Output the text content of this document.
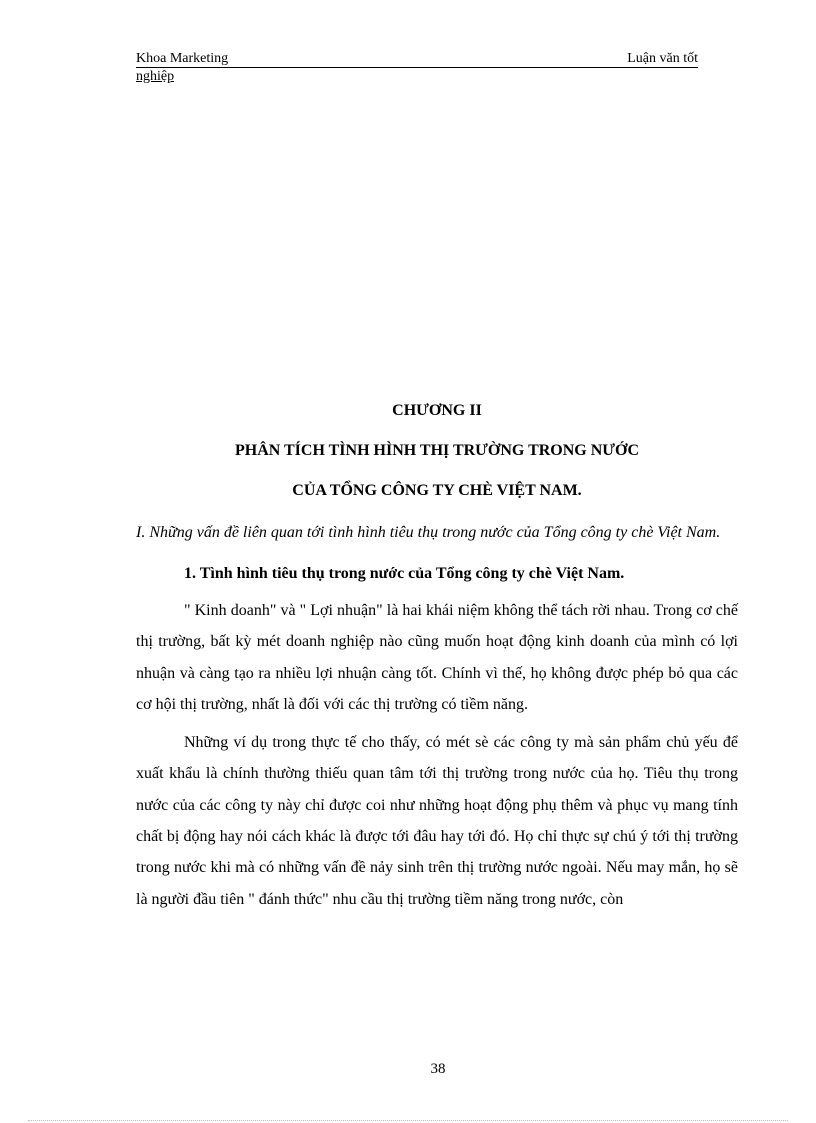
Khoa Marketing	Luận văn tốt
nghiệp

CHƯƠNG II

PHÂN TÍCH TÌNH HÌNH THỊ TRƯỜNG TRONG NƯỚC

CỦA TỔNG CÔNG TY CHÈ VIỆT NAM.

I. Những vấn đề liên quan tới tình hình tiêu thụ trong nước của Tổng công ty chè Việt Nam.

1. Tình hình tiêu thụ trong nước của Tổng công ty chè Việt Nam.

" Kinh doanh" và " Lợi nhuận" là hai khái niệm không thể tách rời nhau. Trong cơ chế thị trường, bất kỳ mét doanh nghiệp nào cũng muốn hoạt động kinh doanh của mình có lợi nhuận và càng tạo ra nhiều lợi nhuận càng tốt. Chính vì thế, họ không được phép bỏ qua các cơ hội thị trường, nhất là đối với các thị trường có tiềm năng.

Những ví dụ trong thực tế cho thấy, có mét sè các công ty mà sản phẩm chủ yếu để xuất khẩu là chính thường thiếu quan tâm tới thị trường trong nước của họ. Tiêu thụ trong nước của các công ty này chỉ được coi như những hoạt động phụ thêm và phục vụ mang tính chất bị động hay nói cách khác là được tới đâu hay tới đó. Họ chỉ thực sự chú ý tới thị trường trong nước khi mà có những vấn đề nảy sinh trên thị trường nước ngoài. Nếu may mắn, họ sẽ là người đầu tiên " đánh thức" nhu cầu thị trường tiềm năng trong nước, còn

38
